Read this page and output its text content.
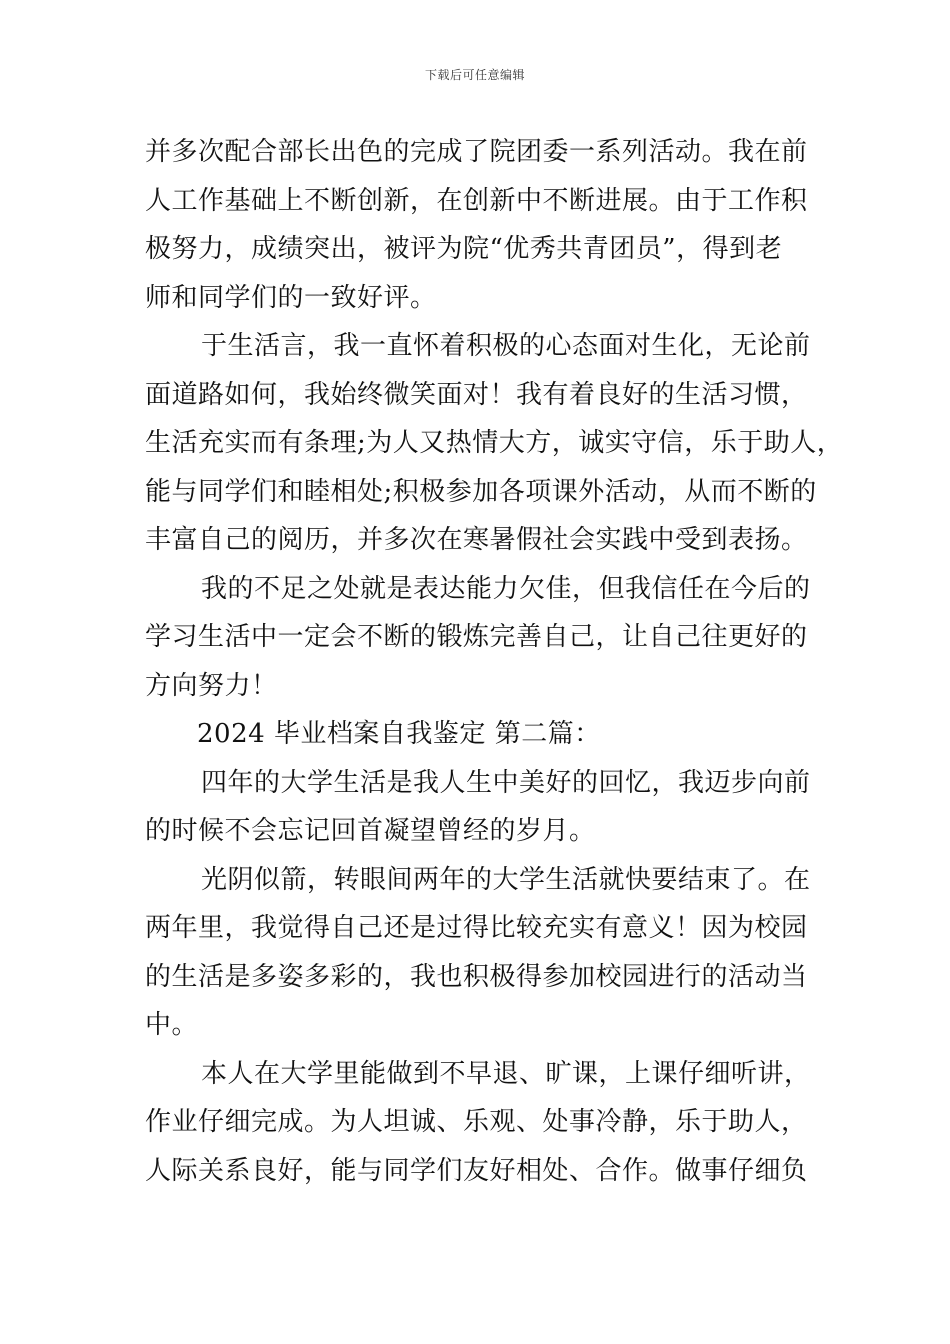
下载后可任意编辑
并多次配合部长出色的完成了院团委一系列活动。我在前
人工作基础上不断创新，在创新中不断进展。由于工作积
极努力，成绩突出，被评为院“优秀共青团员”，得到老
师和同学们的一致好评。
于生活言，我一直怀着积极的心态面对生化，无论前
面道路如何，我始终微笑面对！我有着良好的生活习惯，
生活充实而有条理;为人又热情大方，诚实守信，乐于助人，
能与同学们和睦相处;积极参加各项课外活动，从而不断的
丰富自己的阅历，并多次在寒暑假社会实践中受到表扬。
我的不足之处就是表达能力欠佳，但我信任在今后的
学习生活中一定会不断的锻炼完善自己，让自己往更好的
方向努力！
2024 毕业档案自我鉴定 第二篇：
四年的大学生活是我人生中美好的回忆，我迈步向前
的时候不会忘记回首凝望曾经的岁月。
光阴似箭，转眼间两年的大学生活就快要结束了。在
两年里，我觉得自己还是过得比较充实有意义！因为校园
的生活是多姿多彩的，我也积极得参加校园进行的活动当
中。
本人在大学里能做到不早退、旷课，上课仔细听讲，
作业仔细完成。为人坦诚、乐观、处事冷静，乐于助人，
人际关系良好，能与同学们友好相处、合作。做事仔细负
